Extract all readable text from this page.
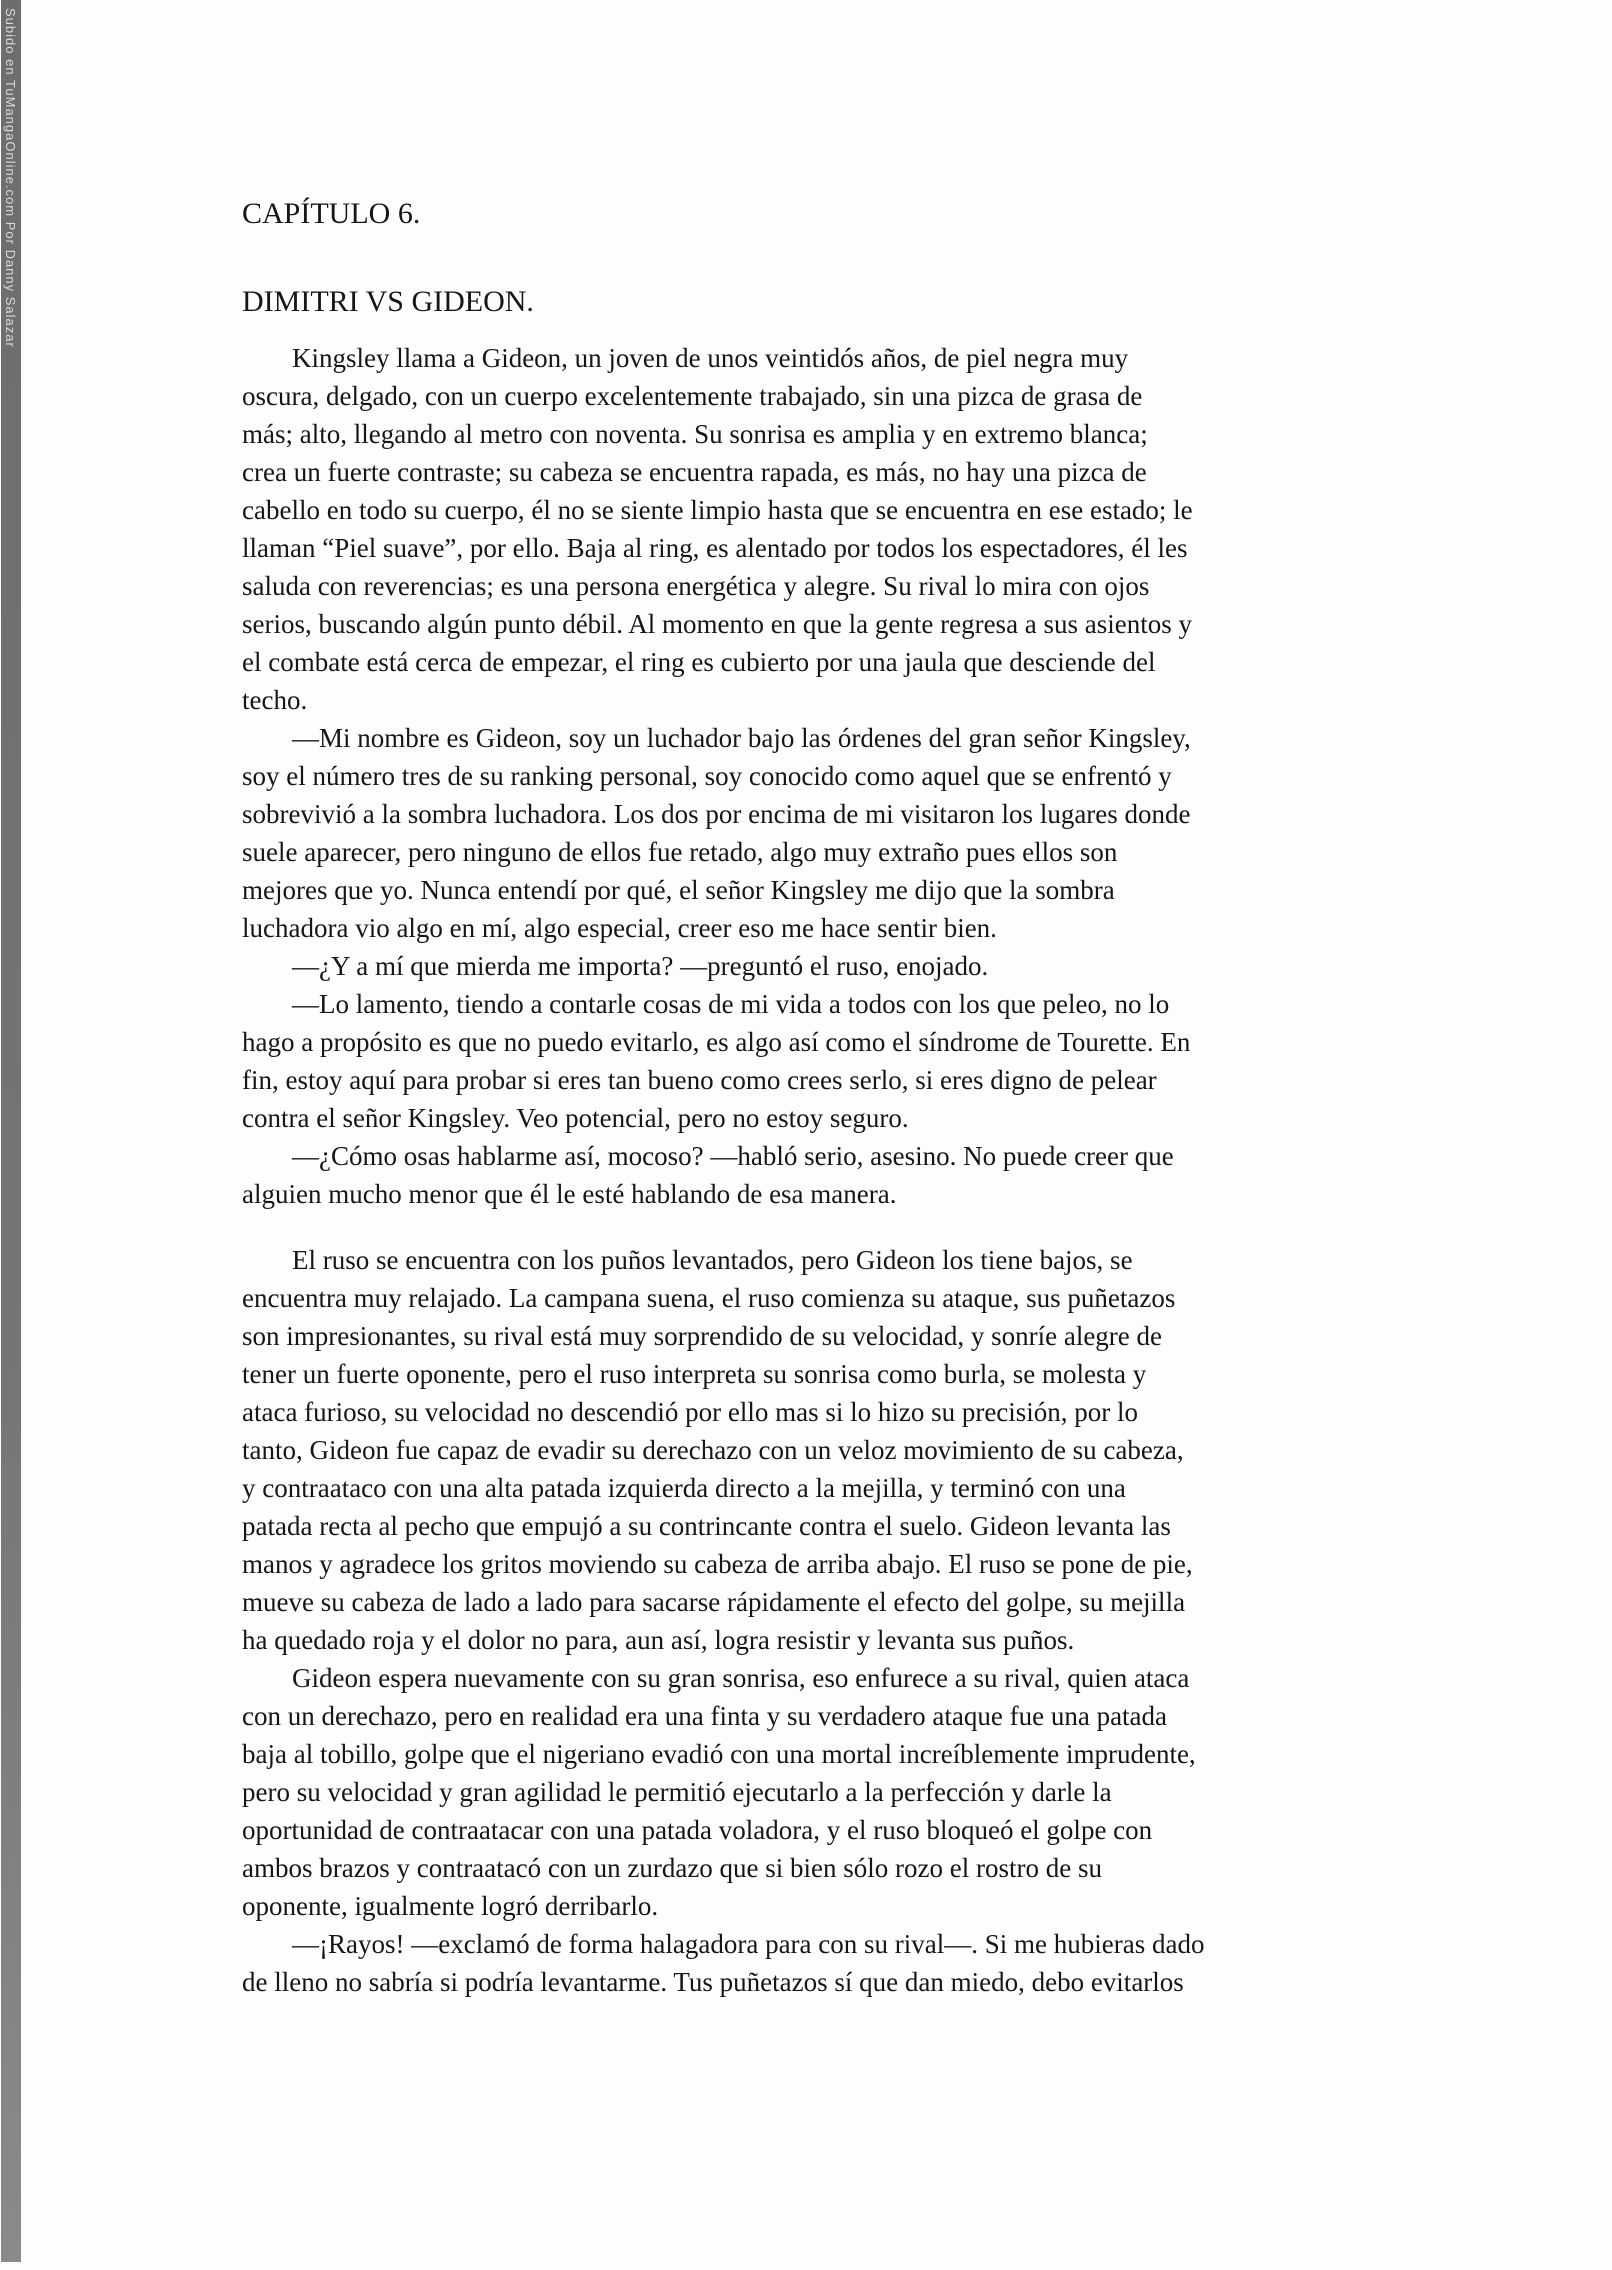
Subido en TuMangaOnline.com Por Danny Salazar	CAPÍTULO 6.
DIMITRI VS GIDEON.
Kingsley llama a Gideon, un joven de unos veintidós años, de piel negra muy
oscura, delgado, con un cuerpo excelentemente trabajado, sin una pizca de grasa de
más; alto, llegando al metro con noventa. Su sonrisa es amplia y en extremo blanca;
crea un fuerte contraste; su cabeza se encuentra rapada, es más, no hay una pizca de
cabello en todo su cuerpo, él no se siente limpio hasta que se encuentra en ese estado; le
llaman “Piel suave”, por ello. Baja al ring, es alentado por todos los espectadores, él les
saluda con reverencias; es una persona energética y alegre. Su rival lo mira con ojos
serios, buscando algún punto débil. Al momento en que la gente regresa a sus asientos y
el combate está cerca de empezar, el ring es cubierto por una jaula que desciende del
techo.
—Mi nombre es Gideon, soy un luchador bajo las órdenes del gran señor Kingsley,
soy el número tres de su ranking personal, soy conocido como aquel que se enfrentó y
sobrevivió a la sombra luchadora. Los dos por encima de mi visitaron los lugares donde
suele aparecer, pero ninguno de ellos fue retado, algo muy extraño pues ellos son
mejores que yo. Nunca entendí por qué, el señor Kingsley me dijo que la sombra
luchadora vio algo en mí, algo especial, creer eso me hace sentir bien.
—¿Y a mí que mierda me importa? —preguntó el ruso, enojado.
—Lo lamento, tiendo a contarle cosas de mi vida a todos con los que peleo, no lo
hago a propósito es que no puedo evitarlo, es algo así como el síndrome de Tourette. En
fin, estoy aquí para probar si eres tan bueno como crees serlo, si eres digno de pelear
contra el señor Kingsley. Veo potencial, pero no estoy seguro.
—¿Cómo osas hablarme así, mocoso? —habló serio, asesino. No puede creer que
alguien mucho menor que él le esté hablando de esa manera.
El ruso se encuentra con los puños levantados, pero Gideon los tiene bajos, se
encuentra muy relajado. La campana suena, el ruso comienza su ataque, sus puñetazos
son impresionantes, su rival está muy sorprendido de su velocidad, y sonríe alegre de
tener un fuerte oponente, pero el ruso interpreta su sonrisa como burla, se molesta y
ataca furioso, su velocidad no descendió por ello mas si lo hizo su precisión, por lo
tanto, Gideon fue capaz de evadir su derechazo con un veloz movimiento de su cabeza,
y contraataco con una alta patada izquierda directo a la mejilla, y terminó con una
patada recta al pecho que empujó a su contrincante contra el suelo. Gideon levanta las
manos y agradece los gritos moviendo su cabeza de arriba abajo. El ruso se pone de pie,
mueve su cabeza de lado a lado para sacarse rápidamente el efecto del golpe, su mejilla
ha quedado roja y el dolor no para, aun así, logra resistir y levanta sus puños.
Gideon espera nuevamente con su gran sonrisa, eso enfurece a su rival, quien ataca
con un derechazo, pero en realidad era una finta y su verdadero ataque fue una patada
baja al tobillo, golpe que el nigeriano evadió con una mortal increíblemente imprudente,
pero su velocidad y gran agilidad le permitió ejecutarlo a la perfección y darle la
oportunidad de contraatacar con una patada voladora, y el ruso bloqueó el golpe con
ambos brazos y contraatacó con un zurdazo que si bien sólo rozo el rostro de su
oponente, igualmente logró derribarlo.
—¡Rayos! —exclamó de forma halagadora para con su rival—. Si me hubieras dado
de lleno no sabría si podría levantarme. Tus puñetazos sí que dan miedo, debo evitarlos
